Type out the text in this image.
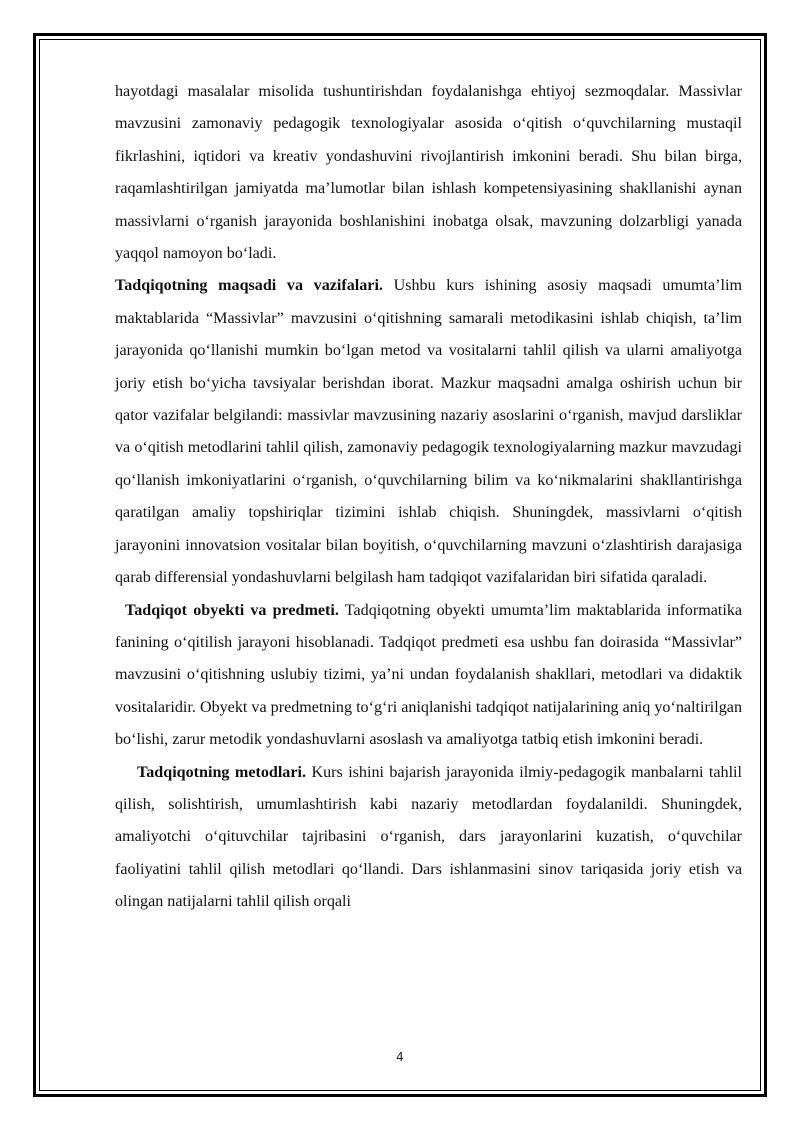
hayotdagi masalalar misolida tushuntirishdan foydalanishga ehtiyoj sezmoqdalar. Massivlar mavzusini zamonaviy pedagogik texnologiyalar asosida o‘qitish o‘quvchilarning mustaqil fikrlashini, iqtidori va kreativ yondashuvini rivojlantirish imkonini beradi. Shu bilan birga, raqamlashtirilgan jamiyatda ma’lumotlar bilan ishlash kompetensiyasining shakllanishi aynan massivlarni o‘rganish jarayonida boshlanishini inobatga olsak, mavzuning dolzarbligi yanada yaqqol namoyon bo‘ladi.

Tadqiqotning maqsadi va vazifalari. Ushbu kurs ishining asosiy maqsadi umumta’lim maktablarida “Massivlar” mavzusini o‘qitishning samarali metodikasini ishlab chiqish, ta’lim jarayonida qo‘llanishi mumkin bo‘lgan metod va vositalarni tahlil qilish va ularni amaliyotga joriy etish bo‘yicha tavsiyalar berishdan iborat. Mazkur maqsadni amalga oshirish uchun bir qator vazifalar belgilandi: massivlar mavzusining nazariy asoslarini o‘rganish, mavjud darsliklar va o‘qitish metodlarini tahlil qilish, zamonaviy pedagogik texnologiyalarning mazkur mavzudagi qo‘llanish imkoniyatlarini o‘rganish, o‘quvchilarning bilim va ko‘nikmalarini shakllantirishga qaratilgan amaliy topshiriqlar tizimini ishlab chiqish. Shuningdek, massivlarni o‘qitish jarayonini innovatsion vositalar bilan boyitish, o‘quvchilarning mavzuni o‘zlashtirish darajasiga qarab differensial yondashuvlarni belgilash ham tadqiqot vazifalaridan biri sifatida qaraladi.

Tadqiqot obyekti va predmeti. Tadqiqotning obyekti umumta’lim maktablarida informatika fanining o‘qitilish jarayoni hisoblanadi. Tadqiqot predmeti esa ushbu fan doirasida “Massivlar” mavzusini o‘qitishning uslubiy tizimi, ya’ni undan foydalanish shakllari, metodlari va didaktik vositalaridir. Obyekt va predmetning to‘g‘ri aniqlanishi tadqiqot natijalarining aniq yo‘naltirilgan bo‘lishi, zarur metodik yondashuvlarni asoslash va amaliyotga tatbiq etish imkonini beradi.

Tadqiqotning metodlari. Kurs ishini bajarish jarayonida ilmiy-pedagogik manbalarni tahlil qilish, solishtirish, umumlashtirish kabi nazariy metodlardan foydalanildi. Shuningdek, amaliyotchi o‘qituvchilar tajribasini o‘rganish, dars jarayonlarini kuzatish, o‘quvchilar faoliyatini tahlil qilish metodlari qo‘llandi. Dars ishlanmasini sinov tariqasida joriy etish va olingan natijalarni tahlil qilish orqali

4
